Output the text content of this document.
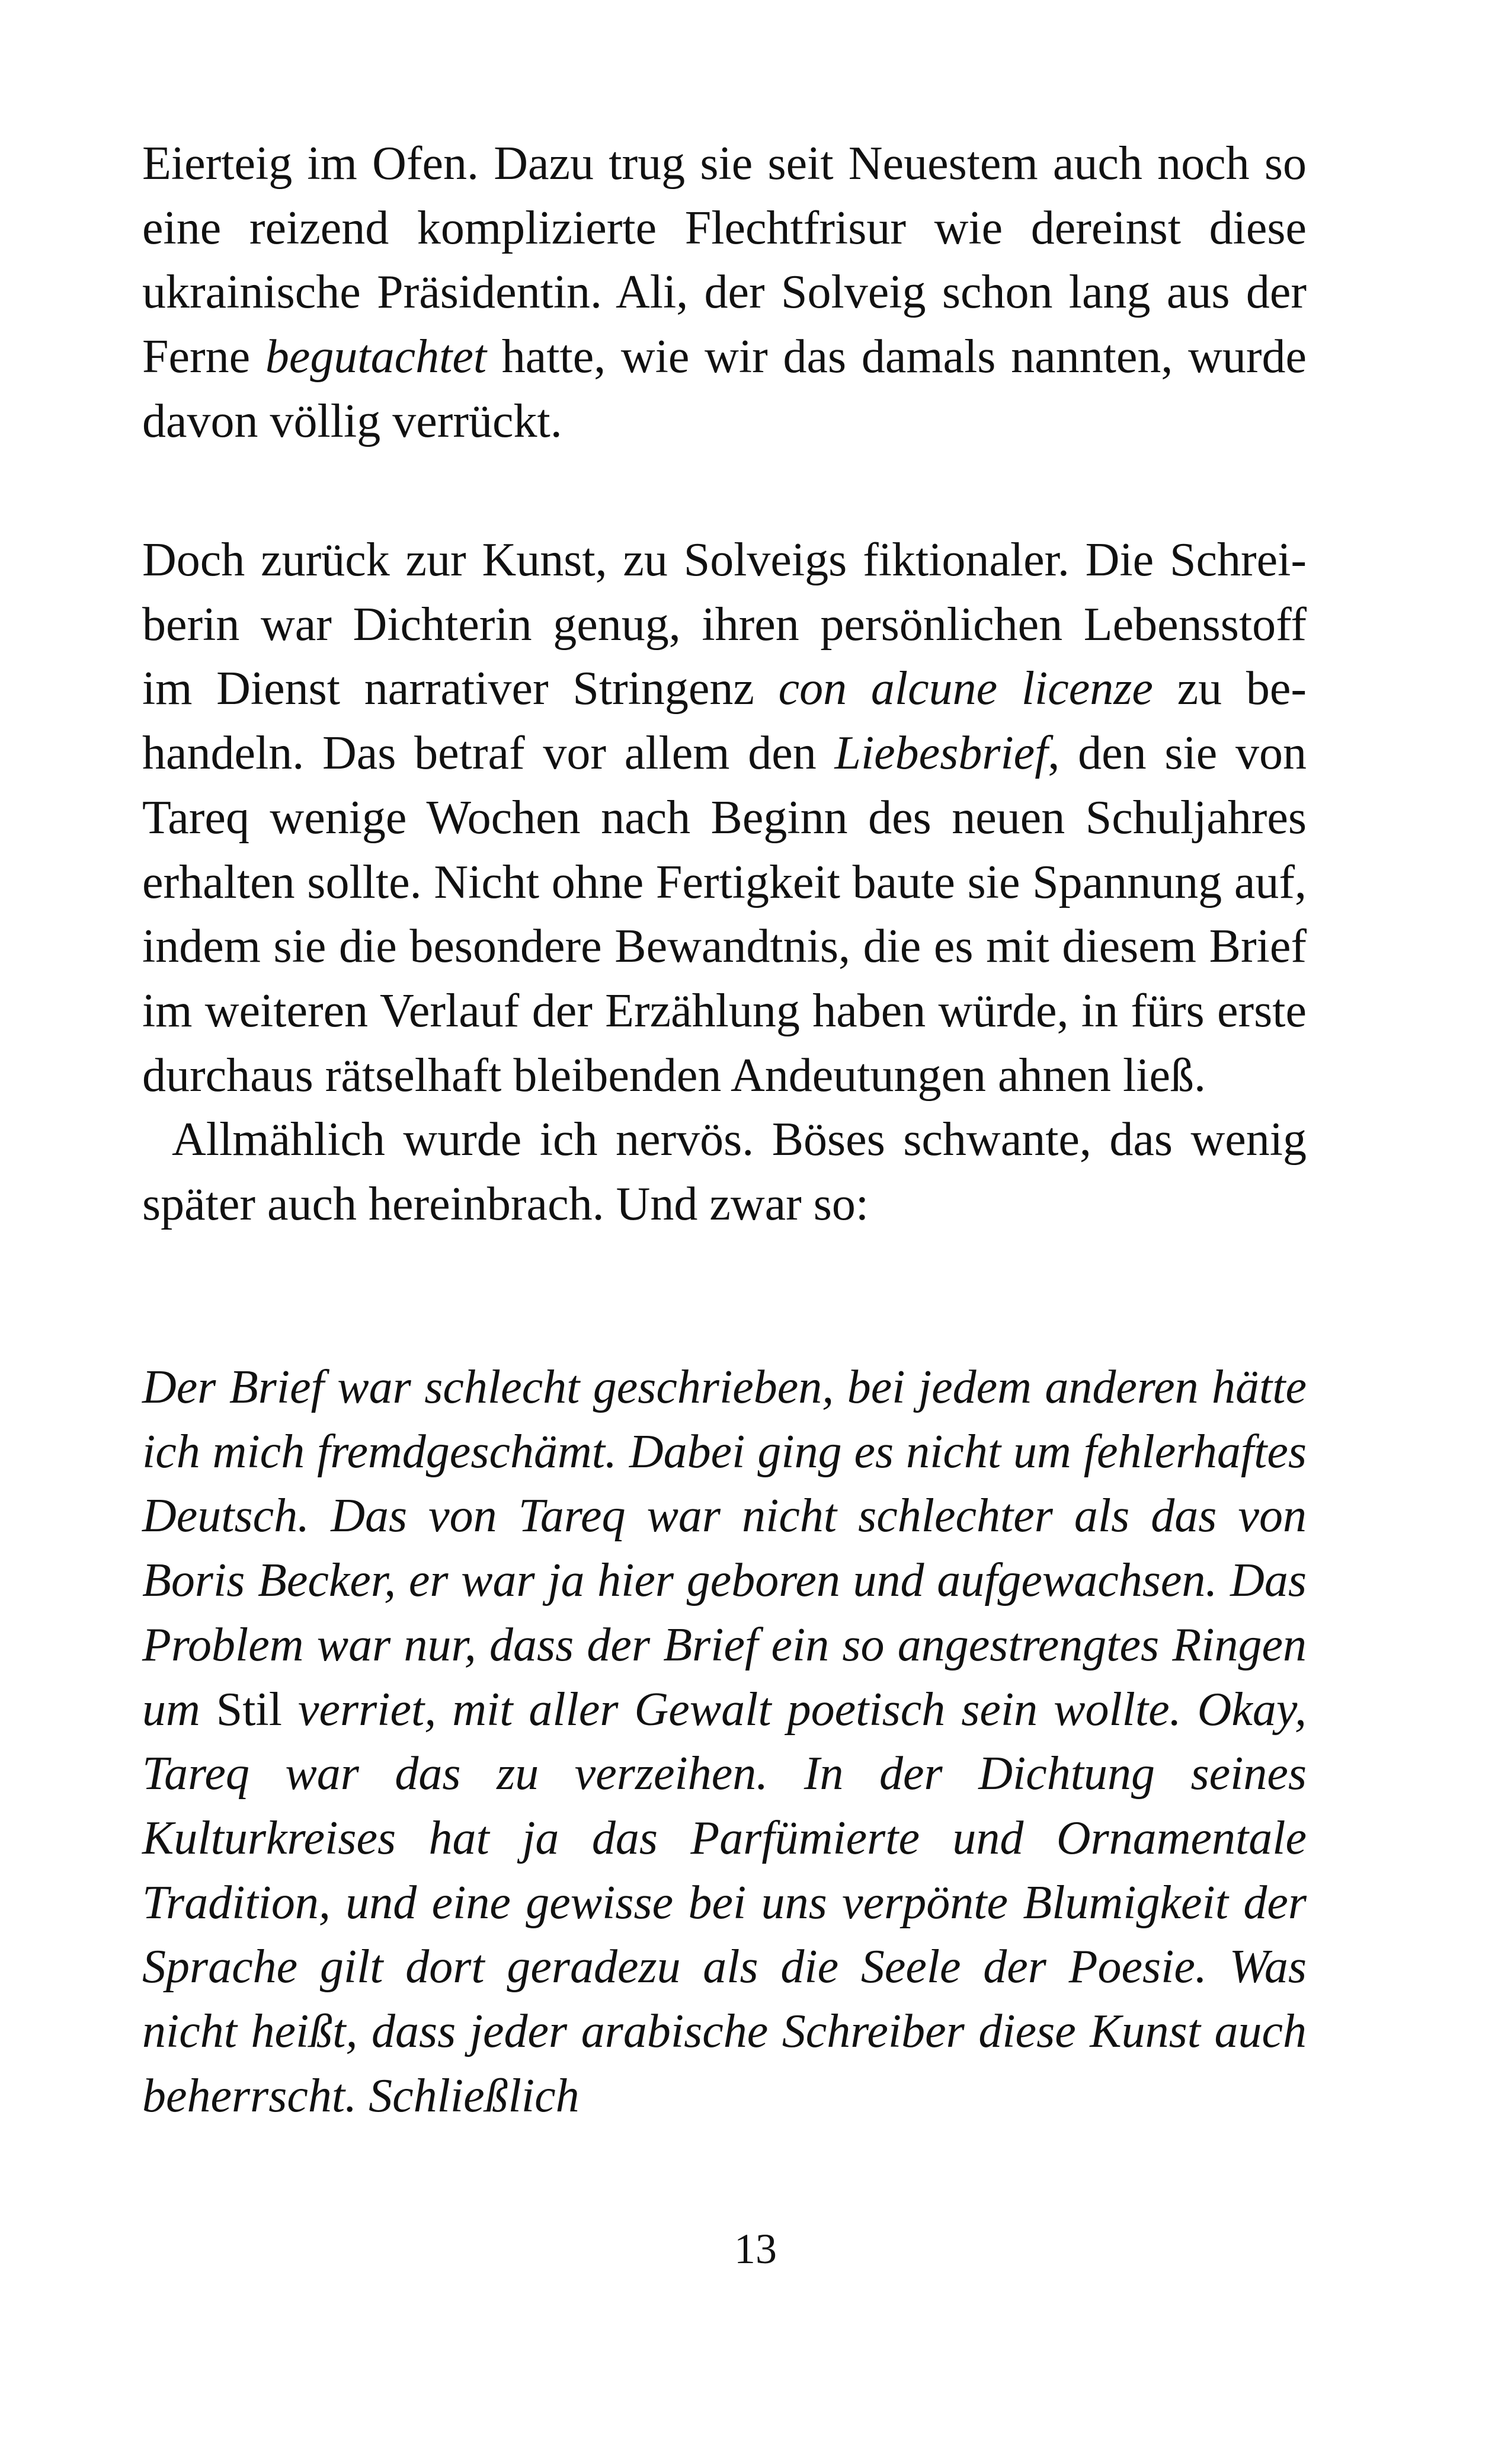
Eierteig im Ofen. Dazu trug sie seit Neuestem auch noch so eine reizend komplizierte Flechtfrisur wie dereinst diese ukrainische Präsidentin. Ali, der Solveig schon lang aus der Ferne begutachtet hatte, wie wir das damals nannten, wurde davon völlig verrückt.

Doch zurück zur Kunst, zu Solveigs fiktionaler. Die Schreiberin war Dichterin genug, ihren persönlichen Lebensstoff im Dienst narrativer Stringenz con alcune licenze zu behandeln. Das betraf vor allem den Liebesbrief, den sie von Tareq wenige Wochen nach Beginn des neuen Schuljahres erhalten sollte. Nicht ohne Fertigkeit baute sie Spannung auf, indem sie die besondere Bewandtnis, die es mit diesem Brief im weiteren Verlauf der Erzählung haben würde, in fürs erste durchaus rätselhaft bleibenden Andeutungen ahnen ließ.

Allmählich wurde ich nervös. Böses schwante, das wenig später auch hereinbrach. Und zwar so:

Der Brief war schlecht geschrieben, bei jedem anderen hätte ich mich fremdgeschämt. Dabei ging es nicht um fehlerhaftes Deutsch. Das von Tareq war nicht schlechter als das von Boris Becker, er war ja hier geboren und aufgewachsen. Das Problem war nur, dass der Brief ein so angestrengtes Ringen um Stil verriet, mit aller Gewalt poetisch sein wollte. Okay, Tareq war das zu verzeihen. In der Dichtung seines Kulturkreises hat ja das Parfümierte und Ornamentale Tradition, und eine gewisse bei uns verpönte Blumigkeit der Sprache gilt dort geradezu als die Seele der Poesie. Was nicht heißt, dass jeder arabische Schreiber diese Kunst auch beherrscht. Schließlich

13
